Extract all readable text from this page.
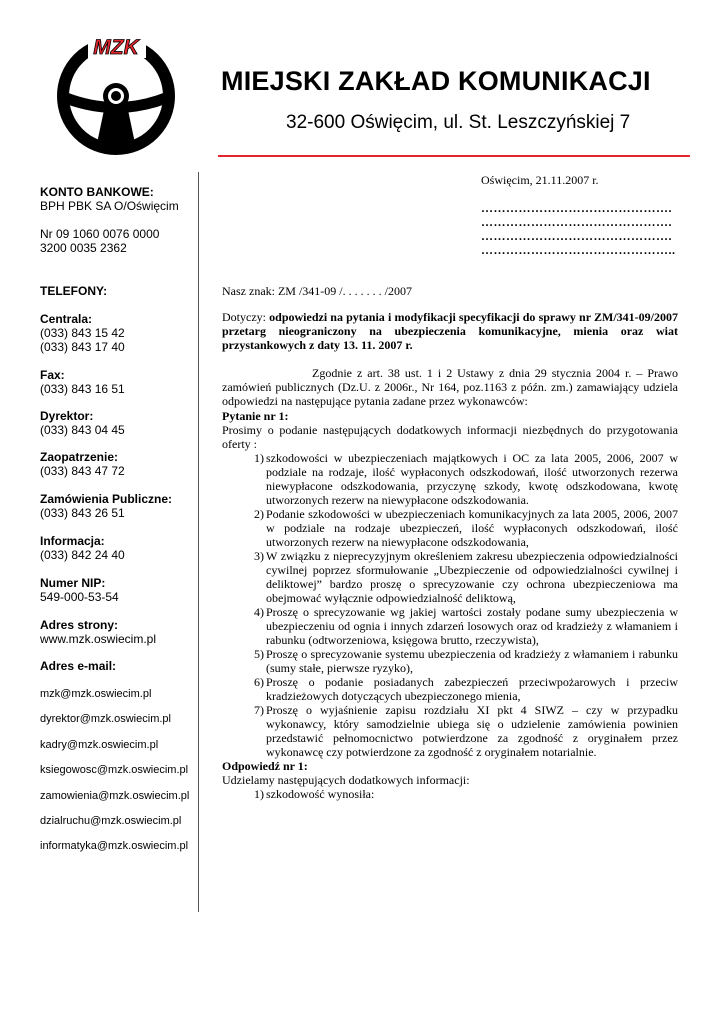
MZK
MIEJSKI ZAKŁAD KOMUNIKACJI
32-600 Oświęcim, ul. St. Leszczyńskiej 7
KONTO BANKOWE:
BPH PBK SA O/Oświęcim
Nr 09 1060 0076 0000
3200 0035 2362
TELEFONY:
Centrala:
(033) 843 15 42
(033) 843 17 40
Fax:
(033) 843 16 51
Dyrektor:
(033) 843 04 45
Zaopatrzenie:
(033) 843 47 72
Zamówienia Publiczne:
(033) 843 26 51
Informacja:
(033) 842 24 40
Numer NIP:
549-000-53-54
Adres strony:
www.mzk.oswiecim.pl
Adres e-mail:
mzk@mzk.oswiecim.pl
dyrektor@mzk.oswiecim.pl
kadry@mzk.oswiecim.pl
ksiegowosc@mzk.oswiecim.pl
zamowienia@mzk.oswiecim.pl
dzialruchu@mzk.oswiecim.pl
informatyka@mzk.oswiecim.pl
Oświęcim, 21.11.2007 r.
……………………………………….
……………………………………….
……………………………………….
………………………………………..
Nasz znak: ZM /341-09 /. . . . . . . /2007
Dotyczy: odpowiedzi na pytania i modyfikacji specyfikacji do sprawy nr ZM/341-09/2007 przetarg nieograniczony na ubezpieczenia komunikacyjne, mienia oraz wiat przystankowych z daty 13. 11. 2007 r.
Zgodnie z art. 38 ust. 1 i 2 Ustawy z dnia 29 stycznia 2004 r. – Prawo zamówień publicznych (Dz.U. z 2006r., Nr 164, poz.1163 z późn. zm.) zamawiający udziela odpowiedzi na następujące pytania zadane przez wykonawców:
Pytanie nr 1:
Prosimy o podanie następujących dodatkowych informacji niezbędnych do przygotowania oferty :
1) szkodowości w ubezpieczeniach majątkowych i OC za lata 2005, 2006, 2007 w podziale na rodzaje, ilość wypłaconych odszkodowań, ilość utworzonych rezerwa niewypłacone odszkodowania, przyczynę szkody, kwotę odszkodowana, kwotę utworzonych rezerw na niewypłacone odszkodowania.
2) Podanie szkodowości w ubezpieczeniach komunikacyjnych za lata 2005, 2006, 2007 w podziale na rodzaje ubezpieczeń, ilość wypłaconych odszkodowań, ilość utworzonych rezerw na niewypłacone odszkodowania,
3) W związku z nieprecyzyjnym określeniem zakresu ubezpieczenia odpowiedzialności cywilnej poprzez sformułowanie „Ubezpieczenie od odpowiedzialności cywilnej i deliktowej” bardzo proszę o sprecyzowanie czy ochrona ubezpieczeniowa ma obejmować wyłącznie odpowiedzialność deliktową,
4) Proszę o sprecyzowanie wg jakiej wartości zostały podane sumy ubezpieczenia w ubezpieczeniu od ognia i innych zdarzeń losowych oraz od kradzieży z włamaniem i rabunku (odtworzeniowa, księgowa brutto, rzeczywista),
5) Proszę o sprecyzowanie systemu ubezpieczenia od kradzieży z włamaniem i rabunku (sumy stałe, pierwsze ryzyko),
6) Proszę o podanie posiadanych zabezpieczeń przeciwpożarowych i przeciw kradzieżowych dotyczących ubezpieczonego mienia,
7) Proszę o wyjaśnienie zapisu rozdziału XI pkt 4 SIWZ – czy w przypadku wykonawcy, który samodzielnie ubiega się o udzielenie zamówienia powinien przedstawić pełnomocnictwo potwierdzone za zgodność z oryginałem przez wykonawcę czy potwierdzone za zgodność z oryginałem notarialnie.
Odpowiedź nr 1:
Udzielamy następujących dodatkowych informacji:
1) szkodowość wynosiła:
